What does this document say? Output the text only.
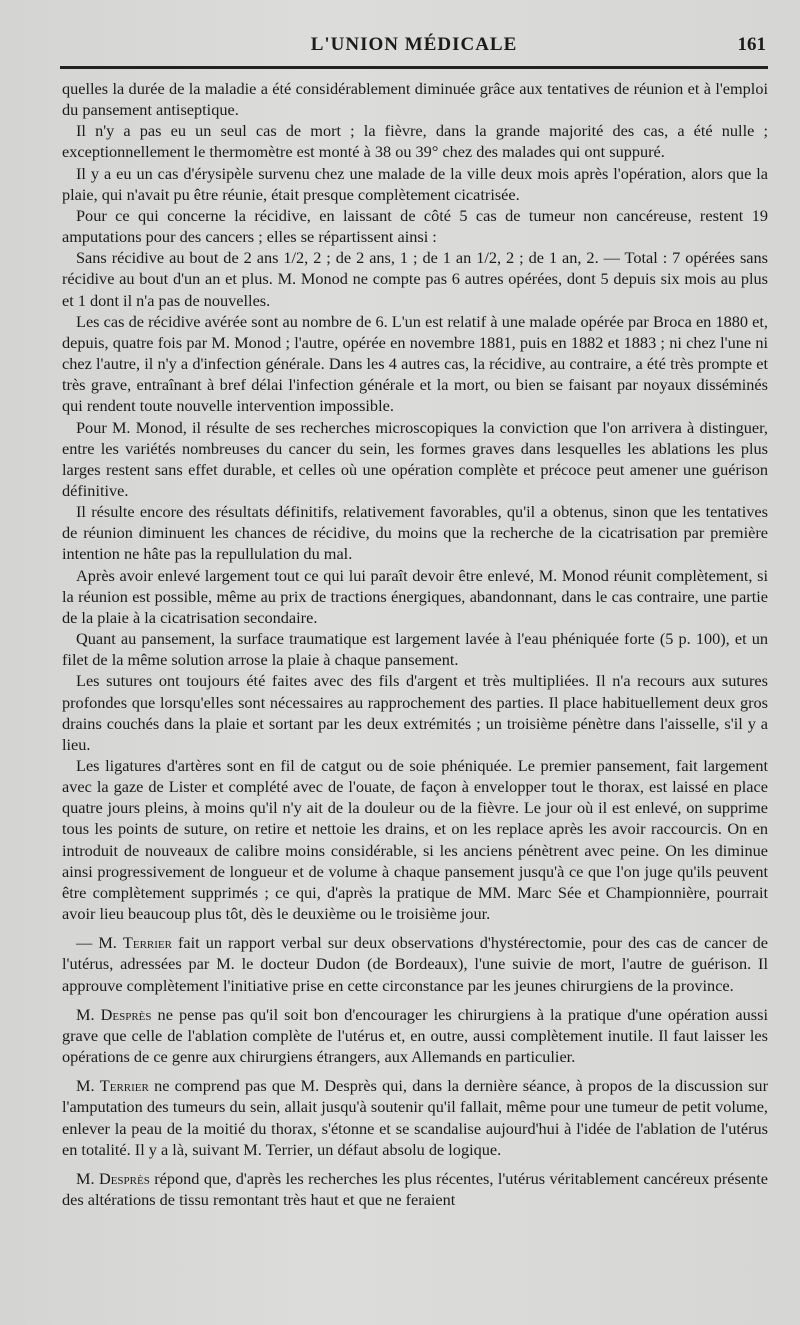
L'UNION MÉDICALE	161

quelles la durée de la maladie a été considérablement diminuée grâce aux tentatives de réunion et à l'emploi du pansement antiseptique.

Il n'y a pas eu un seul cas de mort ; la fièvre, dans la grande majorité des cas, a été nulle ; exceptionnellement le thermomètre est monté à 38 ou 39° chez des malades qui ont suppuré.

Il y a eu un cas d'érysipèle survenu chez une malade de la ville deux mois après l'opération, alors que la plaie, qui n'avait pu être réunie, était presque complètement cicatrisée.

Pour ce qui concerne la récidive, en laissant de côté 5 cas de tumeur non cancéreuse, restent 19 amputations pour des cancers ; elles se répartissent ainsi :

Sans récidive au bout de 2 ans 1/2, 2 ; de 2 ans, 1 ; de 1 an 1/2, 2 ; de 1 an, 2. — Total : 7 opérées sans récidive au bout d'un an et plus. M. Monod ne compte pas 6 autres opérées, dont 5 depuis six mois au plus et 1 dont il n'a pas de nouvelles.

Les cas de récidive avérée sont au nombre de 6. L'un est relatif à une malade opérée par Broca en 1880 et, depuis, quatre fois par M. Monod ; l'autre, opérée en novembre 1881, puis en 1882 et 1883 ; ni chez l'une ni chez l'autre, il n'y a d'infection générale. Dans les 4 autres cas, la récidive, au contraire, a été très prompte et très grave, entraînant à bref délai l'infection générale et la mort, ou bien se faisant par noyaux disséminés qui rendent toute nouvelle intervention impossible.

Pour M. Monod, il résulte de ses recherches microscopiques la conviction que l'on arrivera à distinguer, entre les variétés nombreuses du cancer du sein, les formes graves dans lesquelles les ablations les plus larges restent sans effet durable, et celles où une opération complète et précoce peut amener une guérison définitive.

Il résulte encore des résultats définitifs, relativement favorables, qu'il a obtenus, sinon que les tentatives de réunion diminuent les chances de récidive, du moins que la recherche de la cicatrisation par première intention ne hâte pas la repullulation du mal.

Après avoir enlevé largement tout ce qui lui paraît devoir être enlevé, M. Monod réunit complètement, si la réunion est possible, même au prix de tractions énergiques, abandonnant, dans le cas contraire, une partie de la plaie à la cicatrisation secondaire.

Quant au pansement, la surface traumatique est largement lavée à l'eau phéniquée forte (5 p. 100), et un filet de la même solution arrose la plaie à chaque pansement.

Les sutures ont toujours été faites avec des fils d'argent et très multipliées. Il n'a recours aux sutures profondes que lorsqu'elles sont nécessaires au rapprochement des parties. Il place habituellement deux gros drains couchés dans la plaie et sortant par les deux extrémités ; un troisième pénètre dans l'aisselle, s'il y a lieu.

Les ligatures d'artères sont en fil de catgut ou de soie phéniquée. Le premier pansement, fait largement avec la gaze de Lister et complété avec de l'ouate, de façon à envelopper tout le thorax, est laissé en place quatre jours pleins, à moins qu'il n'y ait de la douleur ou de la fièvre. Le jour où il est enlevé, on supprime tous les points de suture, on retire et nettoie les drains, et on les replace après les avoir raccourcis. On en introduit de nouveaux de calibre moins considérable, si les anciens pénètrent avec peine. On les diminue ainsi progressivement de longueur et de volume à chaque pansement jusqu'à ce que l'on juge qu'ils peuvent être complètement supprimés ; ce qui, d'après la pratique de MM. Marc Sée et Championnière, pourrait avoir lieu beaucoup plus tôt, dès le deuxième ou le troisième jour.

— M. Terrier fait un rapport verbal sur deux observations d'hystérectomie, pour des cas de cancer de l'utérus, adressées par M. le docteur Dudon (de Bordeaux), l'une suivie de mort, l'autre de guérison. Il approuve complètement l'initiative prise en cette circonstance par les jeunes chirurgiens de la province.

M. Desprès ne pense pas qu'il soit bon d'encourager les chirurgiens à la pratique d'une opération aussi grave que celle de l'ablation complète de l'utérus et, en outre, aussi complètement inutile. Il faut laisser les opérations de ce genre aux chirurgiens étrangers, aux Allemands en particulier.

M. Terrier ne comprend pas que M. Desprès qui, dans la dernière séance, à propos de la discussion sur l'amputation des tumeurs du sein, allait jusqu'à soutenir qu'il fallait, même pour une tumeur de petit volume, enlever la peau de la moitié du thorax, s'étonne et se scandalise aujourd'hui à l'idée de l'ablation de l'utérus en totalité. Il y a là, suivant M. Terrier, un défaut absolu de logique.

M. Desprès répond que, d'après les recherches les plus récentes, l'utérus véritablement cancéreux présente des altérations de tissu remontant très haut et que ne feraient
